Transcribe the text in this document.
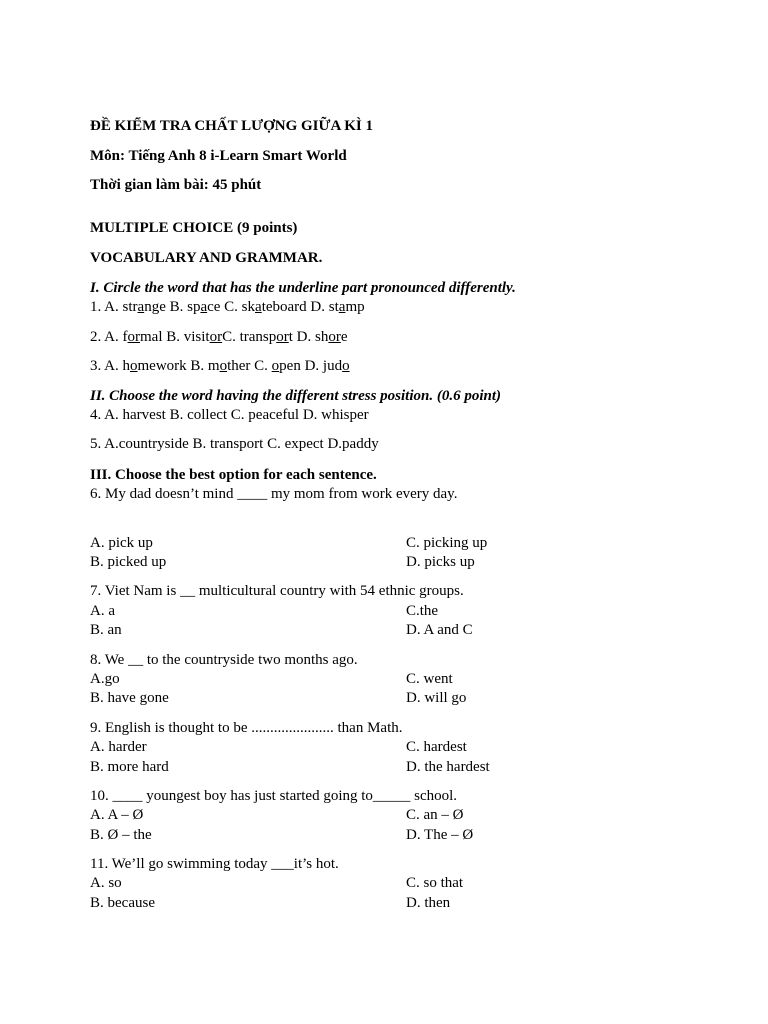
ĐỀ KIỂM TRA CHẤT LƯỢNG GIỮA KÌ 1
Môn: Tiếng Anh 8 i-Learn Smart World
Thời gian làm bài: 45 phút
MULTIPLE CHOICE (9 points)
VOCABULARY AND GRAMMAR.
I. Circle the word that has the underline part pronounced differently.
1. A. strange B. space C. skateboard D. stamp
2. A. formal B. visitorC. transport D. shore
3. A. homework B. mother C. open D. judo
II. Choose the word having the different stress position. (0.6 point)
4. A. harvest B. collect C. peaceful D. whisper
5. A.countryside B. transport C. expect D.paddy
III. Choose the best option for each sentence.
6. My dad doesn’t mind ____ my mom from work every day.
A. pick up	C. picking up
B. picked up	D. picks up
7. Viet Nam is __ multicultural country with 54 ethnic groups.
A. a	C.the
B. an	D. A and C
8. We __ to the countryside two months ago.
A.go	C. went
B. have gone	D. will go
9. English is thought to be ...................... than Math.
A. harder	C. hardest
B. more hard	D. the hardest
10. ____ youngest boy has just started going to_____ school.
A. A – Ø	C. an – Ø
B. Ø – the	D. The – Ø
11. We’ll go swimming today ___it’s hot.
A. so	C. so that
B. because	D. then
